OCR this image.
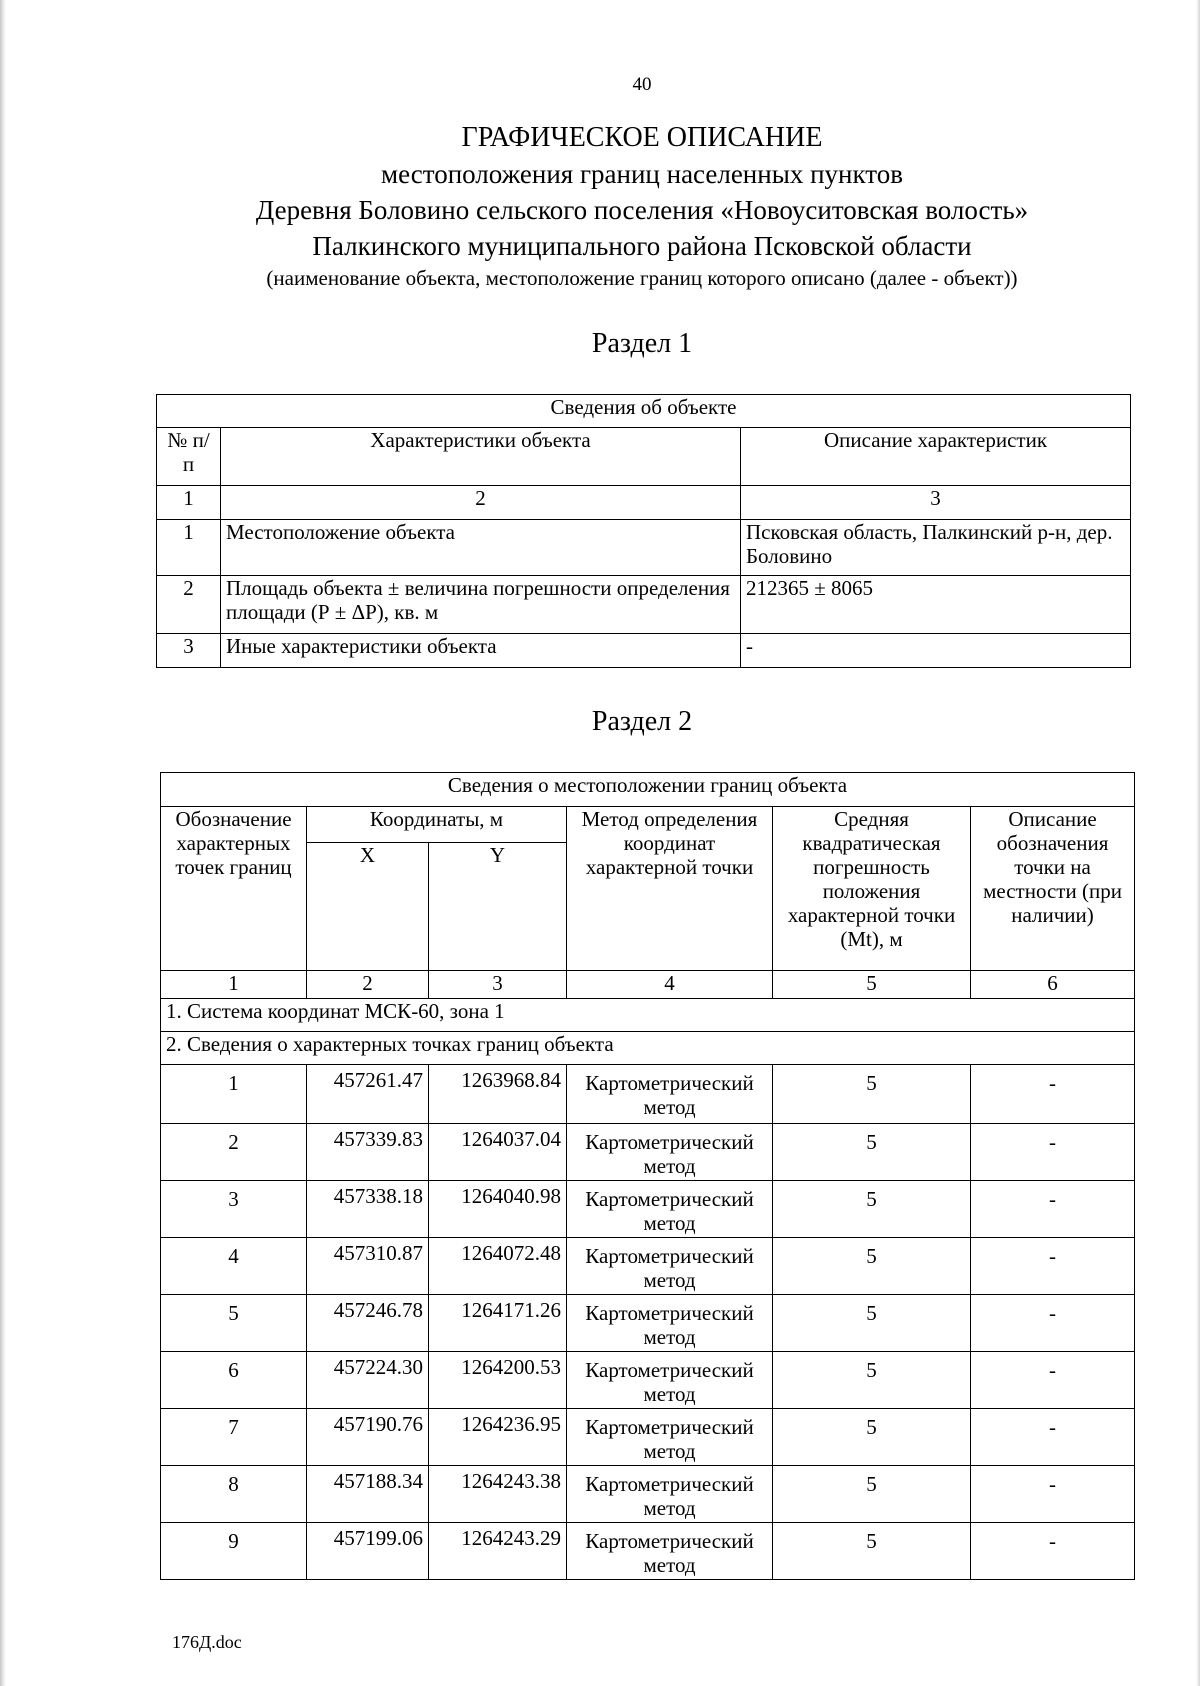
40
ГРАФИЧЕСКОЕ ОПИСАНИЕ
местоположения границ населенных пунктов
Деревня Боловино сельского поселения «Новоуситовская волость»
Палкинского муниципального района Псковской области
(наименование объекта, местоположение границ которого описано (далее - объект))
Раздел 1
Сведения об объекте		
№ п/п	Характеристики объекта	Описание характеристик
1	2	3
1	Местоположение объекта	Псковская область, Палкинский р-н, дер. Боловино
2	Площадь объекта ± величина погрешности определения площади (Р ± ΔР), кв. м	212365 ± 8065
3	Иные характеристики объекта	-
Раздел 2
Сведения о местоположении границ объекта					
Обозначение характерных точек границ	Координаты, м		Метод определения координат характерной точки	Средняя квадратическая погрешность положения характерной точки (Mt), м	Описание обозначения точки на местности (при наличии)
	X	Y			
1	2	3	4	5	6
1. Система координат МСК-60, зона 1					
2. Сведения о характерных точках границ объекта					
1	457261.47	1263968.84	Картометрический метод	5	-
2	457339.83	1264037.04	Картометрический метод	5	-
3	457338.18	1264040.98	Картометрический метод	5	-
4	457310.87	1264072.48	Картометрический метод	5	-
5	457246.78	1264171.26	Картометрический метод	5	-
6	457224.30	1264200.53	Картометрический метод	5	-
7	457190.76	1264236.95	Картометрический метод	5	-
8	457188.34	1264243.38	Картометрический метод	5	-
9	457199.06	1264243.29	Картометрический метод	5	-
176Д.doc
